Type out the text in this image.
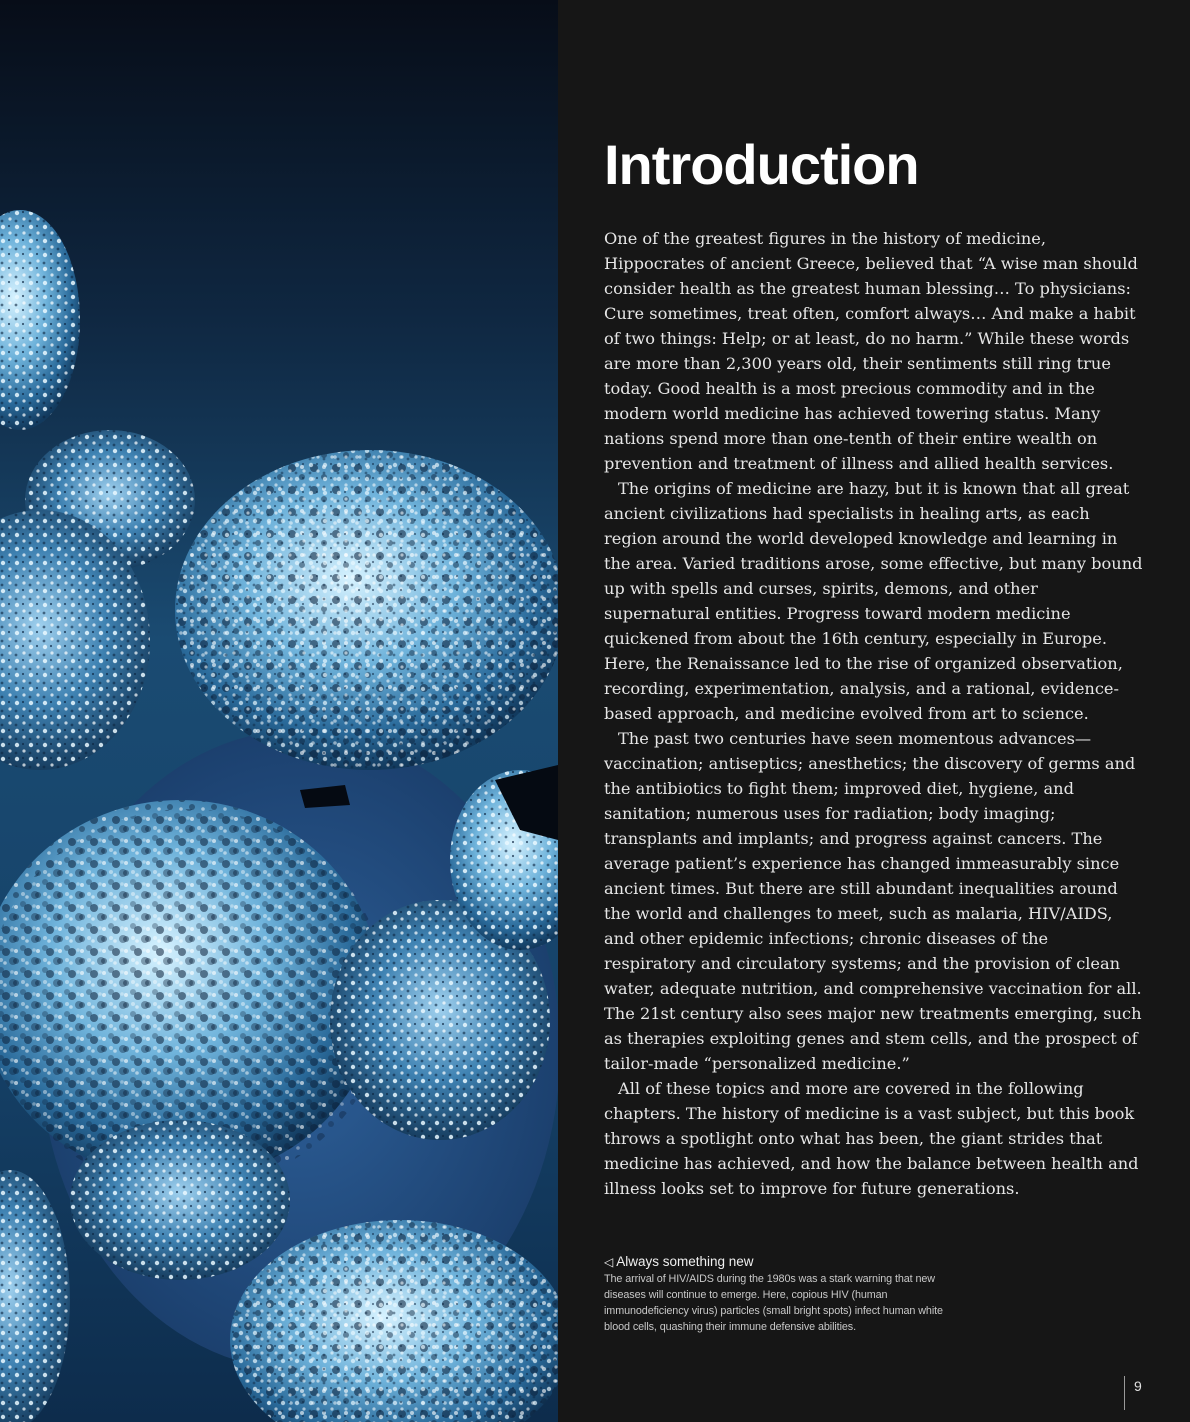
Introduction

One of the greatest figures in the history of medicine, Hippocrates of ancient Greece, believed that “A wise man should consider health as the greatest human blessing… To physicians: Cure sometimes, treat often, comfort always… And make a habit of two things: Help; or at least, do no harm.” While these words are more than 2,300 years old, their sentiments still ring true today. Good health is a most precious commodity and in the modern world medicine has achieved towering status. Many nations spend more than one-tenth of their entire wealth on prevention and treatment of illness and allied health services.

The origins of medicine are hazy, but it is known that all great ancient civilizations had specialists in healing arts, as each region around the world developed knowledge and learning in the area. Varied traditions arose, some effective, but many bound up with spells and curses, spirits, demons, and other supernatural entities. Progress toward modern medicine quickened from about the 16th century, especially in Europe. Here, the Renaissance led to the rise of organized observation, recording, experimentation, analysis, and a rational, evidence-based approach, and medicine evolved from art to science.

The past two centuries have seen momentous advances—vaccination; antiseptics; anesthetics; the discovery of germs and the antibiotics to fight them; improved diet, hygiene, and sanitation; numerous uses for radiation; body imaging; transplants and implants; and progress against cancers. The average patient’s experience has changed immeasurably since ancient times. But there are still abundant inequalities around the world and challenges to meet, such as malaria, HIV/AIDS, and other epidemic infections; chronic diseases of the respiratory and circulatory systems; and the provision of clean water, adequate nutrition, and comprehensive vaccination for all. The 21st century also sees major new treatments emerging, such as therapies exploiting genes and stem cells, and the prospect of tailor-made “personalized medicine.”

All of these topics and more are covered in the following chapters. The history of medicine is a vast subject, but this book throws a spotlight onto what has been, the giant strides that medicine has achieved, and how the balance between health and illness looks set to improve for future generations.

◁ Always something new
The arrival of HIV/AIDS during the 1980s was a stark warning that new diseases will continue to emerge. Here, copious HIV (human immunodeficiency virus) particles (small bright spots) infect human white blood cells, quashing their immune defensive abilities.
9
